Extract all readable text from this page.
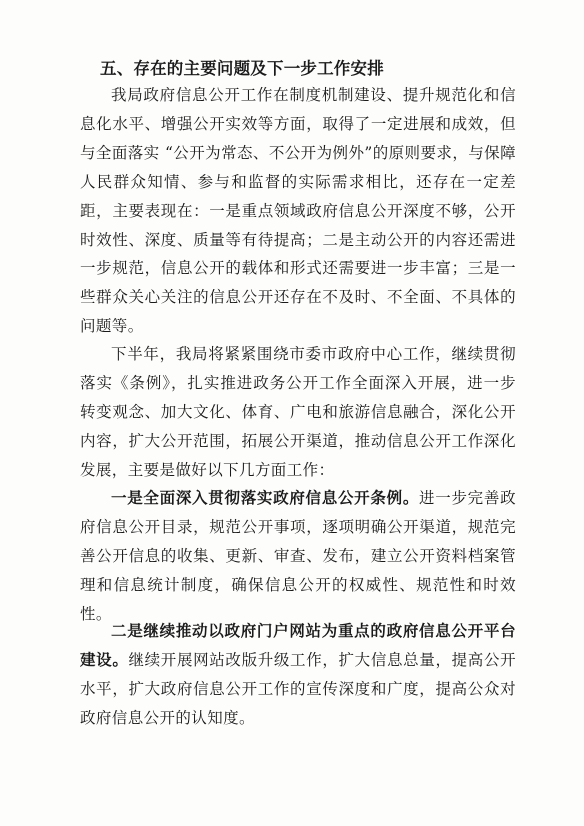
五、存在的主要问题及下一步工作安排

我局政府信息公开工作在制度机制建设、提升规范化和信息化水平、增强公开实效等方面，取得了一定进展和成效，但与全面落实 “公开为常态、不公开为例外”的原则要求，与保障人民群众知情、参与和监督的实际需求相比，还存在一定差距，主要表现在：一是重点领域政府信息公开深度不够，公开时效性、深度、质量等有待提高；二是主动公开的内容还需进一步规范，信息公开的载体和形式还需要进一步丰富；三是一些群众关心关注的信息公开还存在不及时、不全面、不具体的问题等。

下半年，我局将紧紧围绕市委市政府中心工作，继续贯彻落实《条例》，扎实推进政务公开工作全面深入开展，进一步转变观念、加大文化、体育、广电和旅游信息融合，深化公开内容，扩大公开范围，拓展公开渠道，推动信息公开工作深化发展，主要是做好以下几方面工作：

一是全面深入贯彻落实政府信息公开条例。进一步完善政府信息公开目录，规范公开事项，逐项明确公开渠道，规范完善公开信息的收集、更新、审查、发布，建立公开资料档案管理和信息统计制度，确保信息公开的权威性、规范性和时效性。

二是继续推动以政府门户网站为重点的政府信息公开平台建设。继续开展网站改版升级工作，扩大信息总量，提高公开水平，扩大政府信息公开工作的宣传深度和广度，提高公众对政府信息公开的认知度。
